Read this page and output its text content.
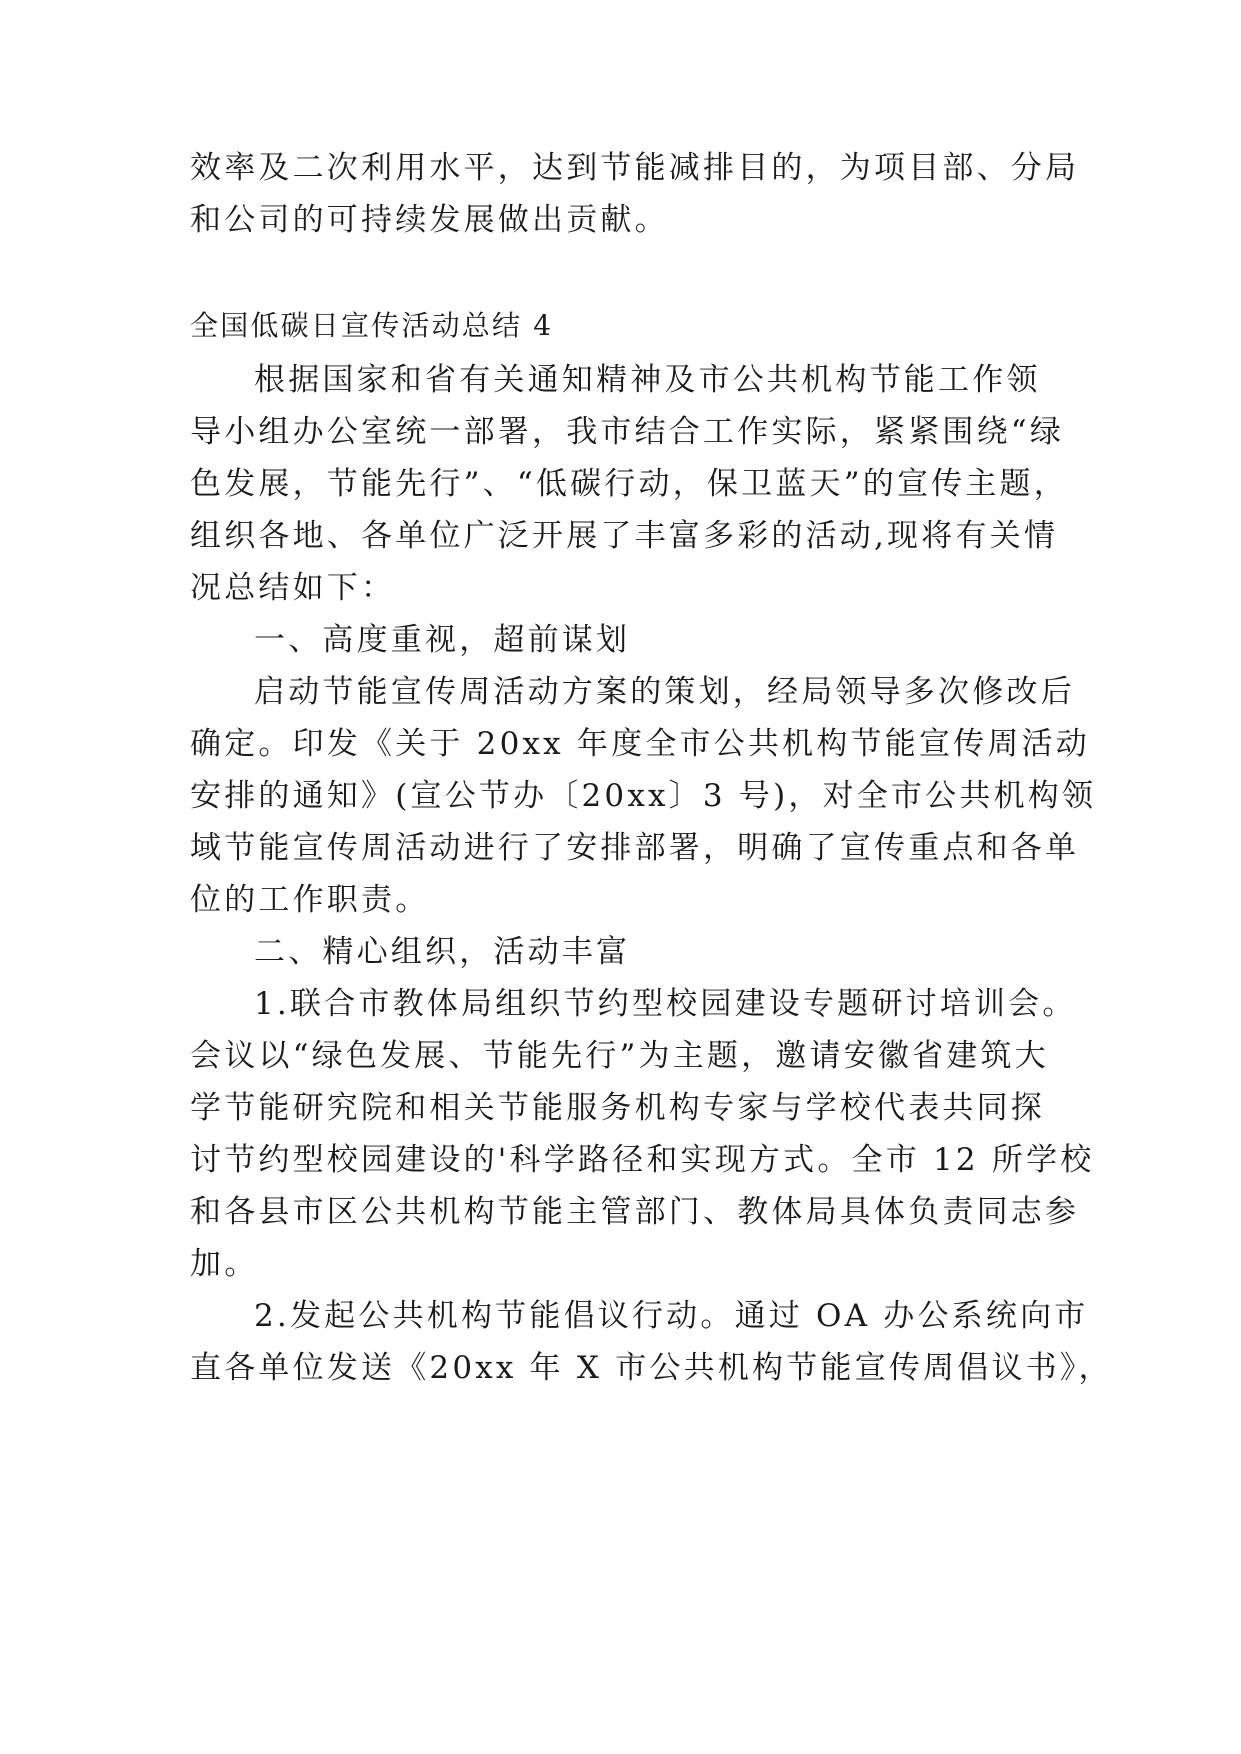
效率及二次利用水平，达到节能减排目的，为项目部、分局
和公司的可持续发展做出贡献。
全国低碳日宣传活动总结 4
根据国家和省有关通知精神及市公共机构节能工作领
导小组办公室统一部署，我市结合工作实际，紧紧围绕“绿
色发展，节能先行”、“低碳行动，保卫蓝天”的宣传主题，
组织各地、各单位广泛开展了丰富多彩的活动,现将有关情
况总结如下：
一、高度重视，超前谋划
启动节能宣传周活动方案的策划，经局领导多次修改后
确定。印发《关于 20xx 年度全市公共机构节能宣传周活动
安排的通知》(宣公节办〔20xx〕3 号)，对全市公共机构领
域节能宣传周活动进行了安排部署，明确了宣传重点和各单
位的工作职责。
二、精心组织，活动丰富
1.联合市教体局组织节约型校园建设专题研讨培训会。
会议以“绿色发展、节能先行”为主题，邀请安徽省建筑大
学节能研究院和相关节能服务机构专家与学校代表共同探
讨节约型校园建设的'科学路径和实现方式。全市 12 所学校
和各县市区公共机构节能主管部门、教体局具体负责同志参
加。
2.发起公共机构节能倡议行动。通过 OA 办公系统向市
直各单位发送《20xx 年 X 市公共机构节能宣传周倡议书》，
